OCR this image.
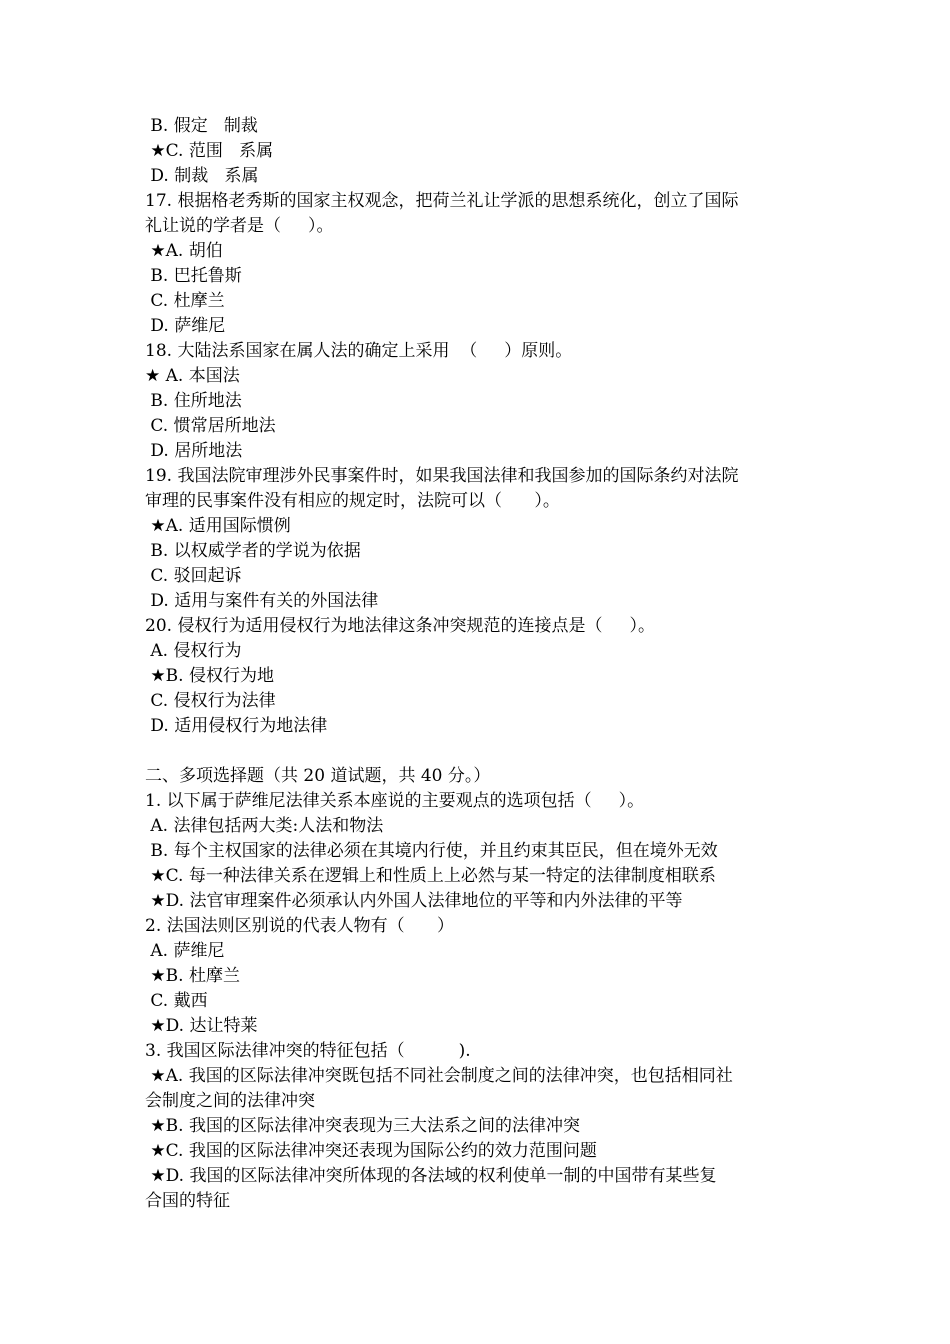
B. 假定   制裁
★C. 范围   系属
D. 制裁   系属
17. 根据格老秀斯的国家主权观念，把荷兰礼让学派的思想系统化，创立了国际
礼让说的学者是（     ）。
★A. 胡伯
B. 巴托鲁斯
C. 杜摩兰
D. 萨维尼
18. 大陆法系国家在属人法的确定上采用  （     ）原则。
★ A. 本国法
B. 住所地法
C. 惯常居所地法
D. 居所地法
19. 我国法院审理涉外民事案件时，如果我国法律和我国参加的国际条约对法院
审理的民事案件没有相应的规定时，法院可以（      ）。
★A. 适用国际惯例
B. 以权威学者的学说为依据
C. 驳回起诉
D. 适用与案件有关的外国法律
20. 侵权行为适用侵权行为地法律这条冲突规范的连接点是（     ）。
A. 侵权行为
★B. 侵权行为地
C. 侵权行为法律
D. 适用侵权行为地法律
二、多项选择题（共 20 道试题，共 40 分。）
1. 以下属于萨维尼法律关系本座说的主要观点的选项包括（     ）。
A. 法律包括两大类:人法和物法
B. 每个主权国家的法律必须在其境内行使，并且约束其臣民，但在境外无效
★C. 每一种法律关系在逻辑上和性质上上必然与某一特定的法律制度相联系
★D. 法官审理案件必须承认内外国人法律地位的平等和内外法律的平等
2. 法国法则区别说的代表人物有（      ）
A. 萨维尼
★B. 杜摩兰
C. 戴西
★D. 达让特莱
3. 我国区际法律冲突的特征包括（          ).
★A. 我国的区际法律冲突既包括不同社会制度之间的法律冲突，也包括相同社
会制度之间的法律冲突
★B. 我国的区际法律冲突表现为三大法系之间的法律冲突
★C. 我国的区际法律冲突还表现为国际公约的效力范围问题
★D. 我国的区际法律冲突所体现的各法域的权利使单一制的中国带有某些复
合国的特征
